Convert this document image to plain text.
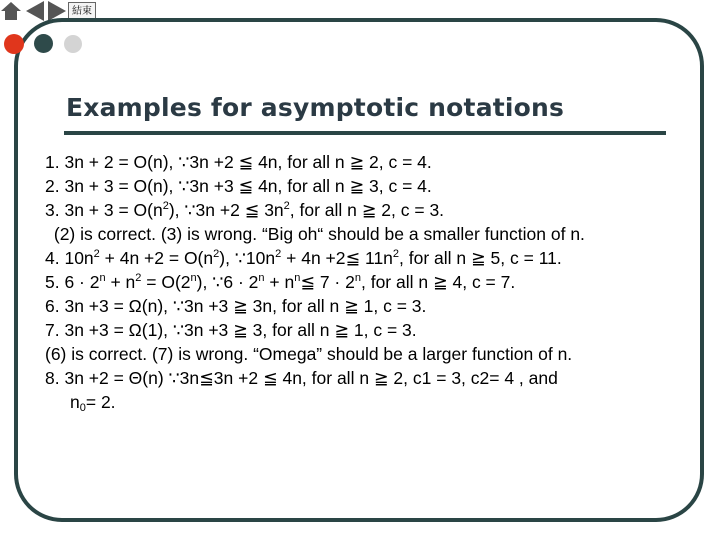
結束
Examples for asymptotic notations
1. 3n + 2 = O(n), ∵3n +2 ≦ 4n, for all n ≧ 2, c = 4.
2. 3n + 3 = O(n), ∵3n +3 ≦ 4n, for all n ≧ 3, c = 4.
3. $3n + 3 = O(n^2)$, ∵3n +2 ≦ $3n^2$, for all n ≧ 2, c = 3.
(2) is correct. (3) is wrong. “Big oh“ should be a smaller function of n.
4. $10n^2 + 4n +2 = O(n^2)$, $\because 10n^2 + 4n$ +2≦ $11n^2$, for all n ≧ 5, c = 11.
5. $6 \cdot 2^n + n^2 = O(2^n)$, ∵6 · $2^n$ + $n^n≦$ $7 \cdot 2^n$, for all n ≧ 4, c = 7.
6. 3n +3 = Ω(n), ∵3n +3 ≧ 3n, for all n ≧ 1, c = 3.
7. 3n +3 = Ω(1), ∵3n +3 ≧ 3, for all n ≧ 1, c = 3.
(6) is correct. (7) is wrong. “Omega” should be a larger function of n.
8. 3n +2 = Θ(n) ∵3n≦3n +2 ≦ 4n, for all n ≧ 2, c1 = 3, c2= 4 , and
$n_0= 2$.
